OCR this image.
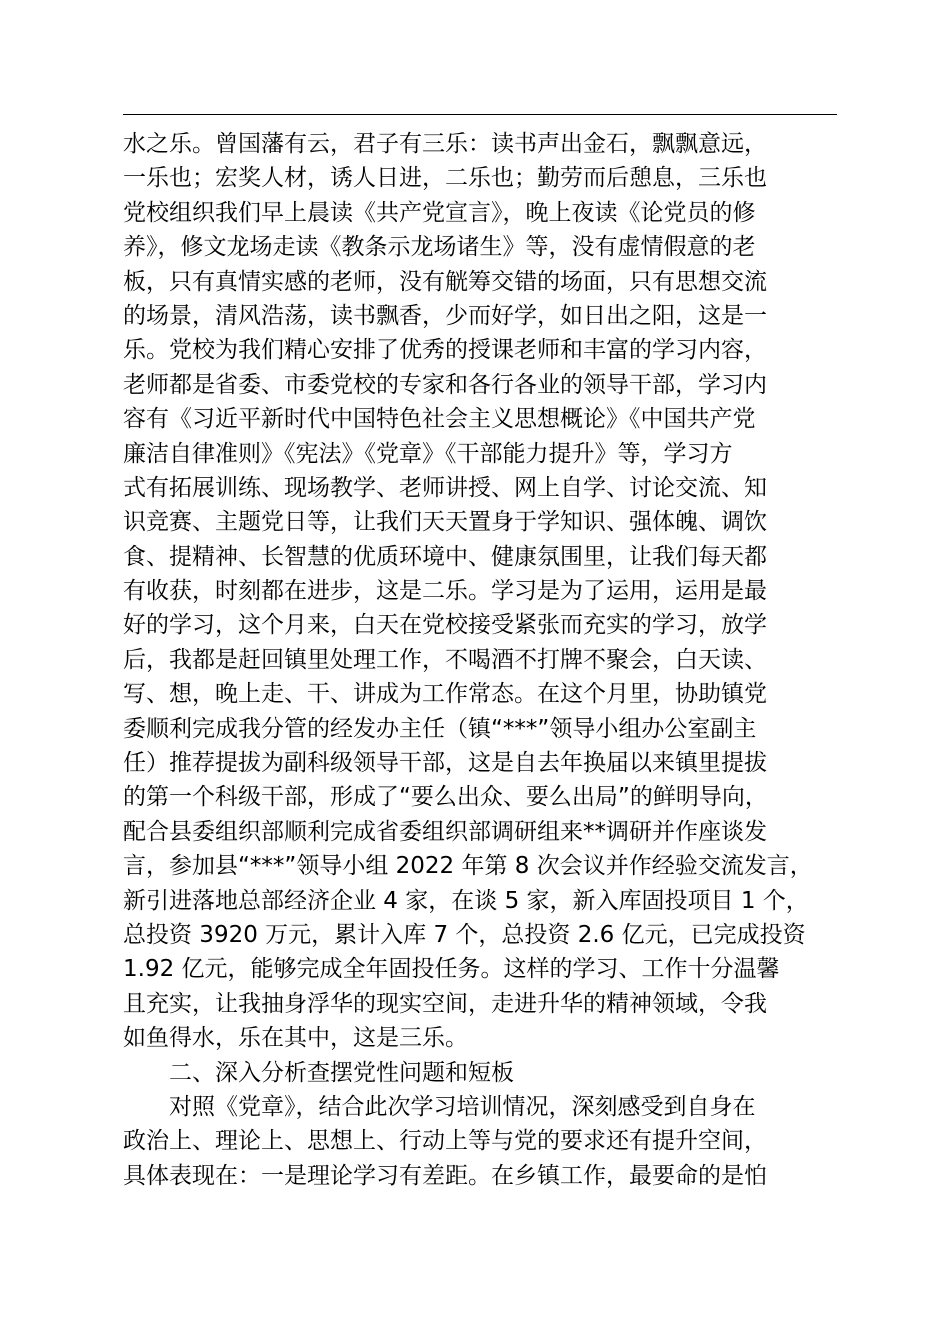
水之乐。曾国藩有云，君子有三乐：读书声出金石，飘飘意远，
一乐也；宏奖人材，诱人日进，二乐也；勤劳而后憩息，三乐也
党校组织我们早上晨读《共产党宣言》，晚上夜读《论党员的修
养》，修文龙场走读《教条示龙场诸生》等，没有虚情假意的老
板，只有真情实感的老师，没有觥筹交错的场面，只有思想交流
的场景，清风浩荡，读书飘香，少而好学，如日出之阳，这是一
乐。党校为我们精心安排了优秀的授课老师和丰富的学习内容，
老师都是省委、市委党校的专家和各行各业的领导干部，学习内
容有《习近平新时代中国特色社会主义思想概论》《中国共产党
廉洁自律准则》《宪法》《党章》《干部能力提升》等，学习方
式有拓展训练、现场教学、老师讲授、网上自学、讨论交流、知
识竞赛、主题党日等，让我们天天置身于学知识、强体魄、调饮
食、提精神、长智慧的优质环境中、健康氛围里，让我们每天都
有收获，时刻都在进步，这是二乐。学习是为了运用，运用是最
好的学习，这个月来，白天在党校接受紧张而充实的学习，放学
后，我都是赶回镇里处理工作，不喝酒不打牌不聚会，白天读、
写、想，晚上走、干、讲成为工作常态。在这个月里，协助镇党
委顺利完成我分管的经发办主任（镇“***”领导小组办公室副主
任）推荐提拔为副科级领导干部，这是自去年换届以来镇里提拔
的第一个科级干部，形成了“要么出众、要么出局”的鲜明导向，
配合县委组织部顺利完成省委组织部调研组来**调研并作座谈发
言，参加县“***”领导小组 2022 年第 8 次会议并作经验交流发言，
新引进落地总部经济企业 4 家，在谈 5 家，新入库固投项目 1 个，
总投资 3920 万元，累计入库 7 个，总投资 2.6 亿元，已完成投资
1.92 亿元，能够完成全年固投任务。这样的学习、工作十分温馨
且充实，让我抽身浮华的现实空间，走进升华的精神领域，令我
如鱼得水，乐在其中，这是三乐。
二、深入分析查摆党性问题和短板
对照《党章》，结合此次学习培训情况，深刻感受到自身在
政治上、理论上、思想上、行动上等与党的要求还有提升空间，
具体表现在：一是理论学习有差距。在乡镇工作，最要命的是怕
